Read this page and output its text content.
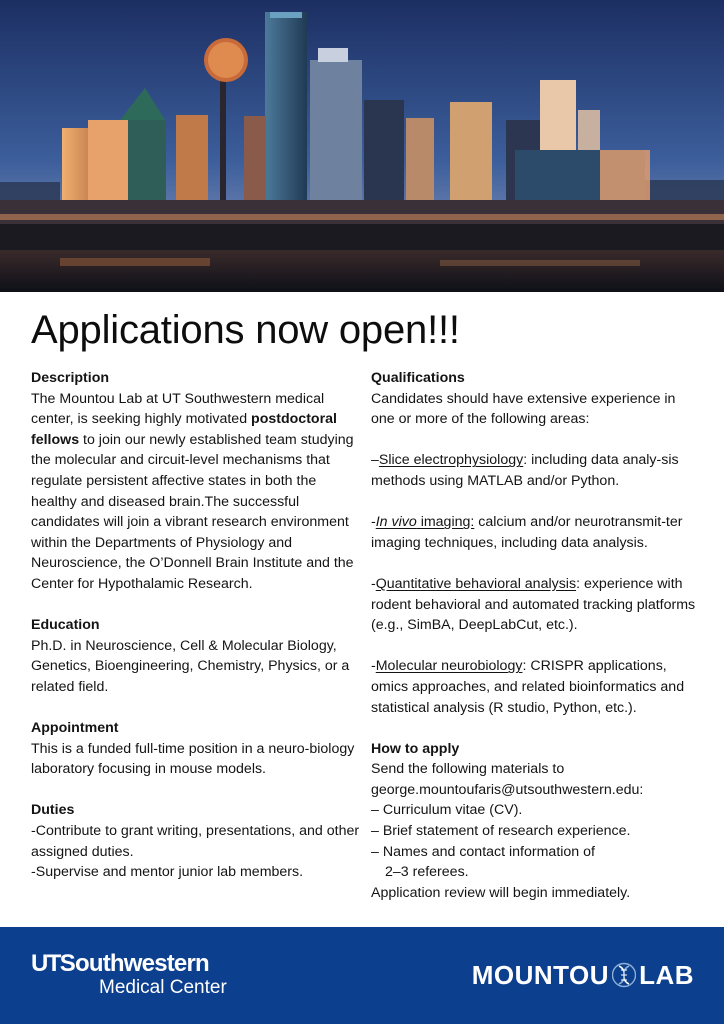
Applications now open!!!
Description

The Mountou Lab at UT Southwestern medical center, is seeking highly motivated postdoctoral fellows to join our newly established team studying the molecular and circuit-level mechanisms that regulate persistent affective states in both the healthy and diseased brain.The successful candidates will join a vibrant research environment within the Departments of Physiology and Neuroscience, the O’Donnell Brain Institute and the Center for Hypothalamic Research.

Education

Ph.D. in Neuroscience, Cell & Molecular Biology, Genetics, Bioengineering, Chemistry, Physics, or a related field.

Appointment

This is a funded full-time position in a neuro-biology laboratory focusing in mouse models.

Duties

-Contribute to grant writing, presentations, and other assigned duties.

-Supervise and mentor junior lab members.

Qualifications

Candidates should have extensive experience in one or more of the following areas:

–Slice electrophysiology: including data analy-sis methods using MATLAB and/or Python.

-In vivo imaging: calcium and/or neurotransmit-ter imaging techniques, including data analysis.

-Quantitative behavioral analysis: experience with rodent behavioral and automated tracking platforms (e.g., SimBA, DeepLabCut, etc.).

-Molecular neurobiology: CRISPR applications, omics approaches, and related bioinformatics and statistical analysis (R studio, Python, etc.).

How to apply

Send the following materials to

george.mountoufaris@utsouthwestern.edu:

– Curriculum vitae (CV).

– Brief statement of research experience.

– Names and contact information of

2–3 referees.

Application review will begin immediately.

UTSouthwestern
Medical Center	MOUNTOU LAB
